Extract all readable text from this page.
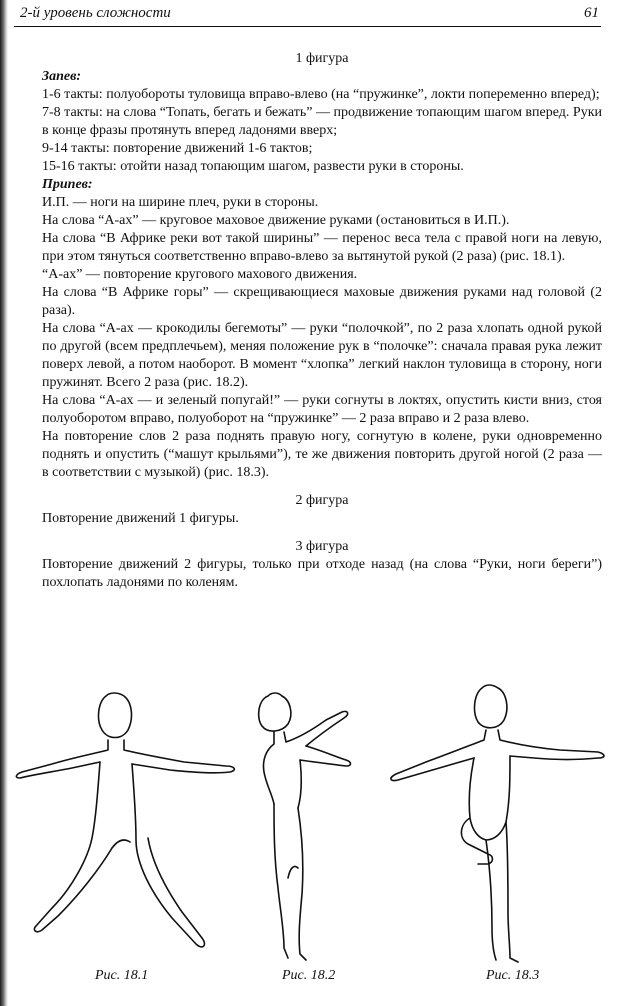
2-й уровень сложности	61

1 фигура

Запев:

1-6 такты: полуобороты туловища вправо-влево (на “пружинке”, локти попеременно вперед);

7-8 такты: на слова “Топать, бегать и бежать” — продвижение топающим шагом вперед. Руки в конце фразы протянуть вперед ладонями вверх;

9-14 такты: повторение движений 1-6 тактов;

15-16 такты: отойти назад топающим шагом, развести руки в стороны.

Припев:

И.П. — ноги на ширине плеч, руки в стороны.

На слова “А-ах” — круговое маховое движение руками (остановиться в И.П.).

На слова “В Африке реки вот такой ширины” — перенос веса тела с правой ноги на левую, при этом тянуться соответственно вправо-влево за вытянутой рукой (2 раза) (рис. 18.1).

“А-ах” — повторение кругового махового движения.

На слова “В Африке горы” — скрещивающиеся маховые движения руками над головой (2 раза).

На слова “А-ах — крокодилы бегемоты” — руки “полочкой”, по 2 раза хлопать одной рукой по другой (всем предплечьем), меняя положение рук в “полочке”: сначала правая рука лежит поверх левой, а потом наоборот. В момент “хлопка” легкий наклон туловища в сторону, ноги пружинят. Всего 2 раза (рис. 18.2).

На слова “А-ах — и зеленый попугай!” — руки согнуты в локтях, опустить кисти вниз, стоя полуоборотом вправо, полуоборот на “пружинке” — 2 раза вправо и 2 раза влево.

На повторение слов 2 раза поднять правую ногу, согнутую в колене, руки одновременно поднять и опустить (“машут крыльями”), те же движения повторить другой ногой (2 раза — в соответствии с музыкой) (рис. 18.3).

2 фигура

Повторение движений 1 фигуры.

3 фигура

Повторение движений 2 фигуры, только при отходе назад (на слова “Руки, ноги береги”) похлопать ладонями по коленям.

Рис. 18.1	Рис. 18.2	Рис. 18.3
